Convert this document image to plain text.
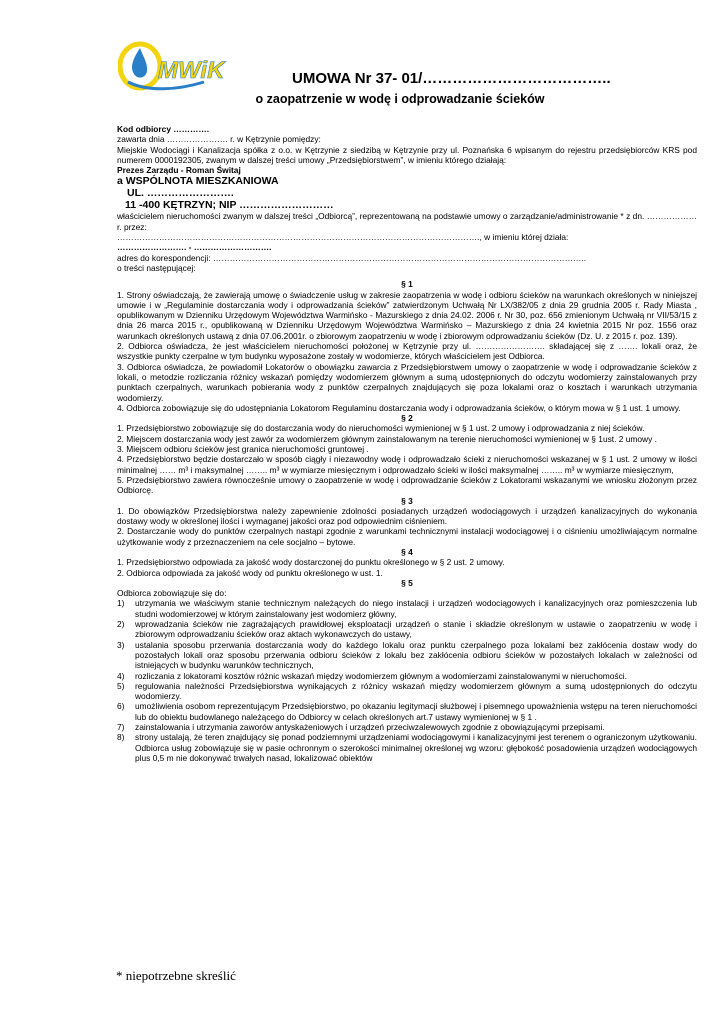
MWiK	UMOWA Nr 37- 01/………………………………..
o zaopatrzenie w wodę i odprowadzanie ścieków

Kod odbiorcy ………….

zawarta dnia …………………. r. w Kętrzynie pomiędzy:

Miejskie Wodociągi i Kanalizacja spółka z o.o. w Kętrzynie z siedzibą w Kętrzynie przy ul. Poznańska 6 wpisanym do rejestru przedsiębiorców KRS pod numerem 0000192305, zwanym w dalszej treści umowy „Przedsiębiorstwem”, w imieniu którego działają:

Prezes Zarządu - Roman Świtaj

a WSPÓLNOTA MIESZKANIOWA

UL. …………………….

11 -400 KĘTRZYN; NIP ………………………

właścicielem nieruchomości zwanym w dalszej treści „Odbiorcą”, reprezentowaną na podstawie umowy o zarządzanie/administrowanie * z dn. ……………… r. przez:

…………………………………………………………………………………………………………………., w imieniu której działa:

……………………. - ……………………….

adres do korespondencji: ……………………………………………………………………………………………………………………..

o treści następującej:

§ 1

1. Strony oświadczają, że zawierają umowę o świadczenie usług w zakresie zaopatrzenia w wodę i odbioru ścieków na warunkach określonych w niniejszej umowie i w „Regulaminie dostarczania wody i odprowadzania ścieków” zatwierdzonym Uchwałą Nr LX/382/05 z dnia 29 grudnia 2005 r. Rady Miasta , opublikowanym w Dzienniku Urzędowym Województwa Warmińsko - Mazurskiego z dnia 24.02. 2006 r. Nr 30, poz. 656 zmienionym Uchwałą nr VII/53/15 z dnia 26 marca 2015 r., opublikowaną w Dzienniku Urzędowym Województwa Warmińsko – Mazurskiego z dnia 24 kwietnia 2015 Nr poz. 1556 oraz warunkach określonych ustawą z dnia 07.06.2001r. o zbiorowym zaopatrzeniu w wodę i zbiorowym odprowadzaniu ścieków (Dz. U. z 2015 r. poz. 139).

2. Odbiorca oświadcza, że jest właścicielem nieruchomości położonej w Kętrzynie przy ul. ……………………. składającej się z ……. lokali oraz, że wszystkie punkty czerpalne w tym budynku wyposażone zostały w wodomierze, których właścicielem jest Odbiorca.

3. Odbiorca oświadcza, że powiadomił Lokatorów o obowiązku zawarcia z Przedsiębiorstwem umowy o zaopatrzenie w wodę i odprowadzanie ścieków z lokali, o metodzie rozliczania różnicy wskazań pomiędzy wodomierzem głównym a sumą udostępnionych do odczytu wodomierzy zainstalowanych przy punktach czerpalnych, warunkach pobierania wody z punktów czerpalnych znajdujących się poza lokalami oraz o kosztach i warunkach utrzymania wodomierzy.

4. Odbiorca zobowiązuje się do udostępniania Lokatorom Regulaminu dostarczania wody i odprowadzania ścieków, o którym mowa w § 1 ust. 1 umowy.

§ 2

1. Przedsiębiorstwo zobowiązuje się do dostarczania wody do nieruchomości wymienionej w § 1 ust. 2 umowy i odprowadzania z niej ścieków.

2. Miejscem dostarczania wody jest zawór za wodomierzem głównym zainstalowanym na terenie nieruchomości wymienionej w § 1ust. 2 umowy .

3. Miejscem odbioru ścieków jest granica nieruchomości gruntowej .

4. Przedsiębiorstwo będzie dostarczało w sposób ciągły i niezawodny wodę i odprowadzało ścieki z nieruchomości wskazanej w § 1 ust. 2 umowy w ilości minimalnej …… m³ i maksymalnej …….. m³ w wymiarze miesięcznym i odprowadzało ścieki w ilości maksymalnej …….. m³ w wymiarze miesięcznym,

5. Przedsiębiorstwo zawiera równocześnie umowy o zaopatrzenie w wodę i odprowadzanie ścieków z Lokatorami wskazanymi we wniosku złożonym przez Odbiorcę.

§ 3

1. Do obowiązków Przedsiębiorstwa należy zapewnienie zdolności posiadanych urządzeń wodociągowych i urządzeń kanalizacyjnych do wykonania dostawy wody w określonej ilości i wymaganej jakości oraz pod odpowiednim ciśnieniem.

2. Dostarczanie wody do punktów czerpalnych nastąpi zgodnie z warunkami technicznymi instalacji wodociągowej i o ciśnieniu umożliwiającym normalne użytkowanie wody z przeznaczeniem na cele socjalno – bytowe.

§ 4

1. Przedsiębiorstwo odpowiada za jakość wody dostarczonej do punktu określonego w § 2 ust. 2 umowy.

2. Odbiorca odpowiada za jakość wody od punktu określonego w ust. 1.

§ 5

Odbiorca zobowiązuje się do:

1)	utrzymania we właściwym stanie technicznym należących do niego instalacji i urządzeń wodociągowych i kanalizacyjnych oraz pomieszczenia lub studni wodomierzowej w którym zainstalowany jest wodomierz główny,
2)	wprowadzania ścieków nie zagrażających prawidłowej eksploatacji urządzeń o stanie i składzie określonym w ustawie o zaopatrzeniu w wodę i zbiorowym odprowadzaniu ścieków oraz aktach wykonawczych do ustawy,
3)	ustalania sposobu przerwania dostarczania wody do każdego lokalu oraz punktu czerpalnego poza lokalami bez zakłócenia dostaw wody do pozostałych lokali oraz sposobu przerwania odbioru ścieków z lokalu bez zakłócenia odbioru ścieków w pozostałych lokalach w zależności od istniejących w budynku warunków technicznych,
4)	rozliczania z lokatorami kosztów różnic wskazań między wodomierzem głównym a wodomierzami zainstalowanymi w nieruchomości.
5)	regulowania należności Przedsiębiorstwa wynikających z różnicy wskazań między wodomierzem głównym a sumą udostępnionych do odczytu wodomierzy.
6)	umożliwienia osobom reprezentującym Przedsiębiorstwo, po okazaniu legitymacji służbowej i pisemnego upoważnienia wstępu na teren nieruchomości lub do obiektu budowlanego należącego do Odbiorcy w celach określonych art.7 ustawy wymienionej w § 1 .
7)	zainstalowania i utrzymania zaworów antyskażeniowych i urządzeń przeciwzalewowych zgodnie z obowiązującymi przepisami.
8)	strony ustalają, że teren znajdujący się ponad podziemnymi urządzeniami wodociągowymi i kanalizacyjnymi jest terenem o ograniczonym użytkowaniu. Odbiorca usług zobowiązuje się w pasie ochronnym o szerokości minimalnej określonej wg wzoru: głębokość posadowienia urządzeń wodociągowych plus 0,5 m nie dokonywać trwałych nasad, lokalizować obiektów
* niepotrzebne skreślić
